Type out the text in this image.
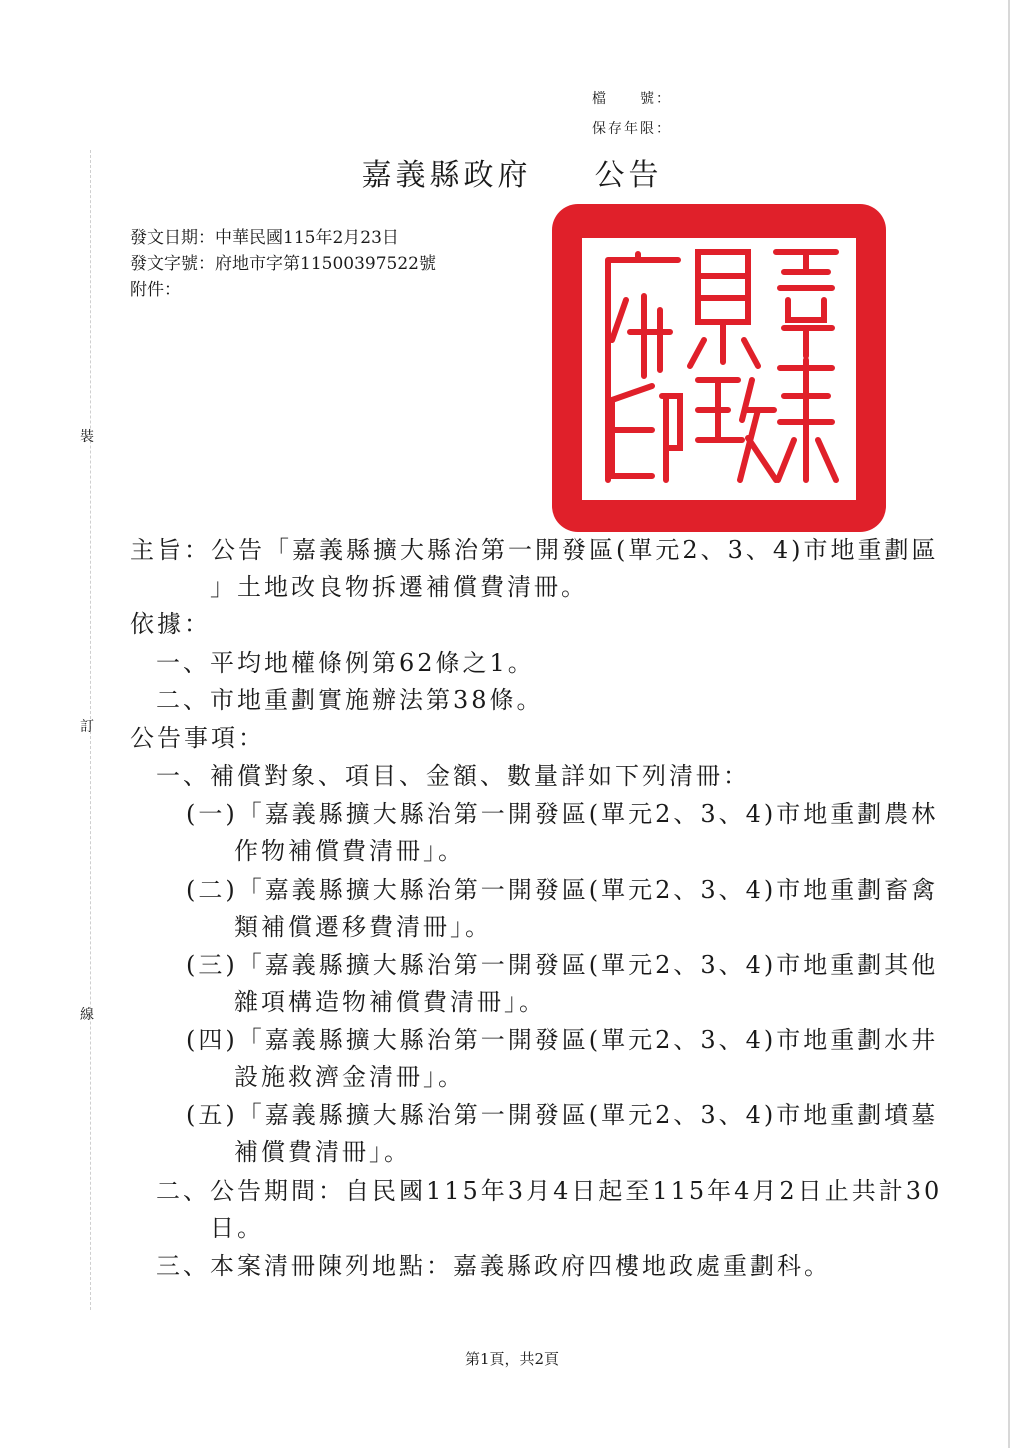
裝
訂
線
檔　　號：
保存年限：
嘉義縣政府 公告
發文日期：中華民國115年2月23日
發文字號：府地市字第11500397522號
附件：
主旨：公告「嘉義縣擴大縣治第一開發區(單元2、3、4)市地重劃區
」土地改良物拆遷補償費清冊。
依據：
一、平均地權條例第62條之1。
二、市地重劃實施辦法第38條。
公告事項：
一、補償對象、項目、金額、數量詳如下列清冊：
(一)「嘉義縣擴大縣治第一開發區(單元2、3、4)市地重劃農林
作物補償費清冊」。
(二)「嘉義縣擴大縣治第一開發區(單元2、3、4)市地重劃畜禽
類補償遷移費清冊」。
(三)「嘉義縣擴大縣治第一開發區(單元2、3、4)市地重劃其他
雜項構造物補償費清冊」。
(四)「嘉義縣擴大縣治第一開發區(單元2、3、4)市地重劃水井
設施救濟金清冊」。
(五)「嘉義縣擴大縣治第一開發區(單元2、3、4)市地重劃墳墓
補償費清冊」。
二、公告期間：自民國115年3月4日起至115年4月2日止共計30
日。
三、本案清冊陳列地點：嘉義縣政府四樓地政處重劃科。
第1頁，共2頁
